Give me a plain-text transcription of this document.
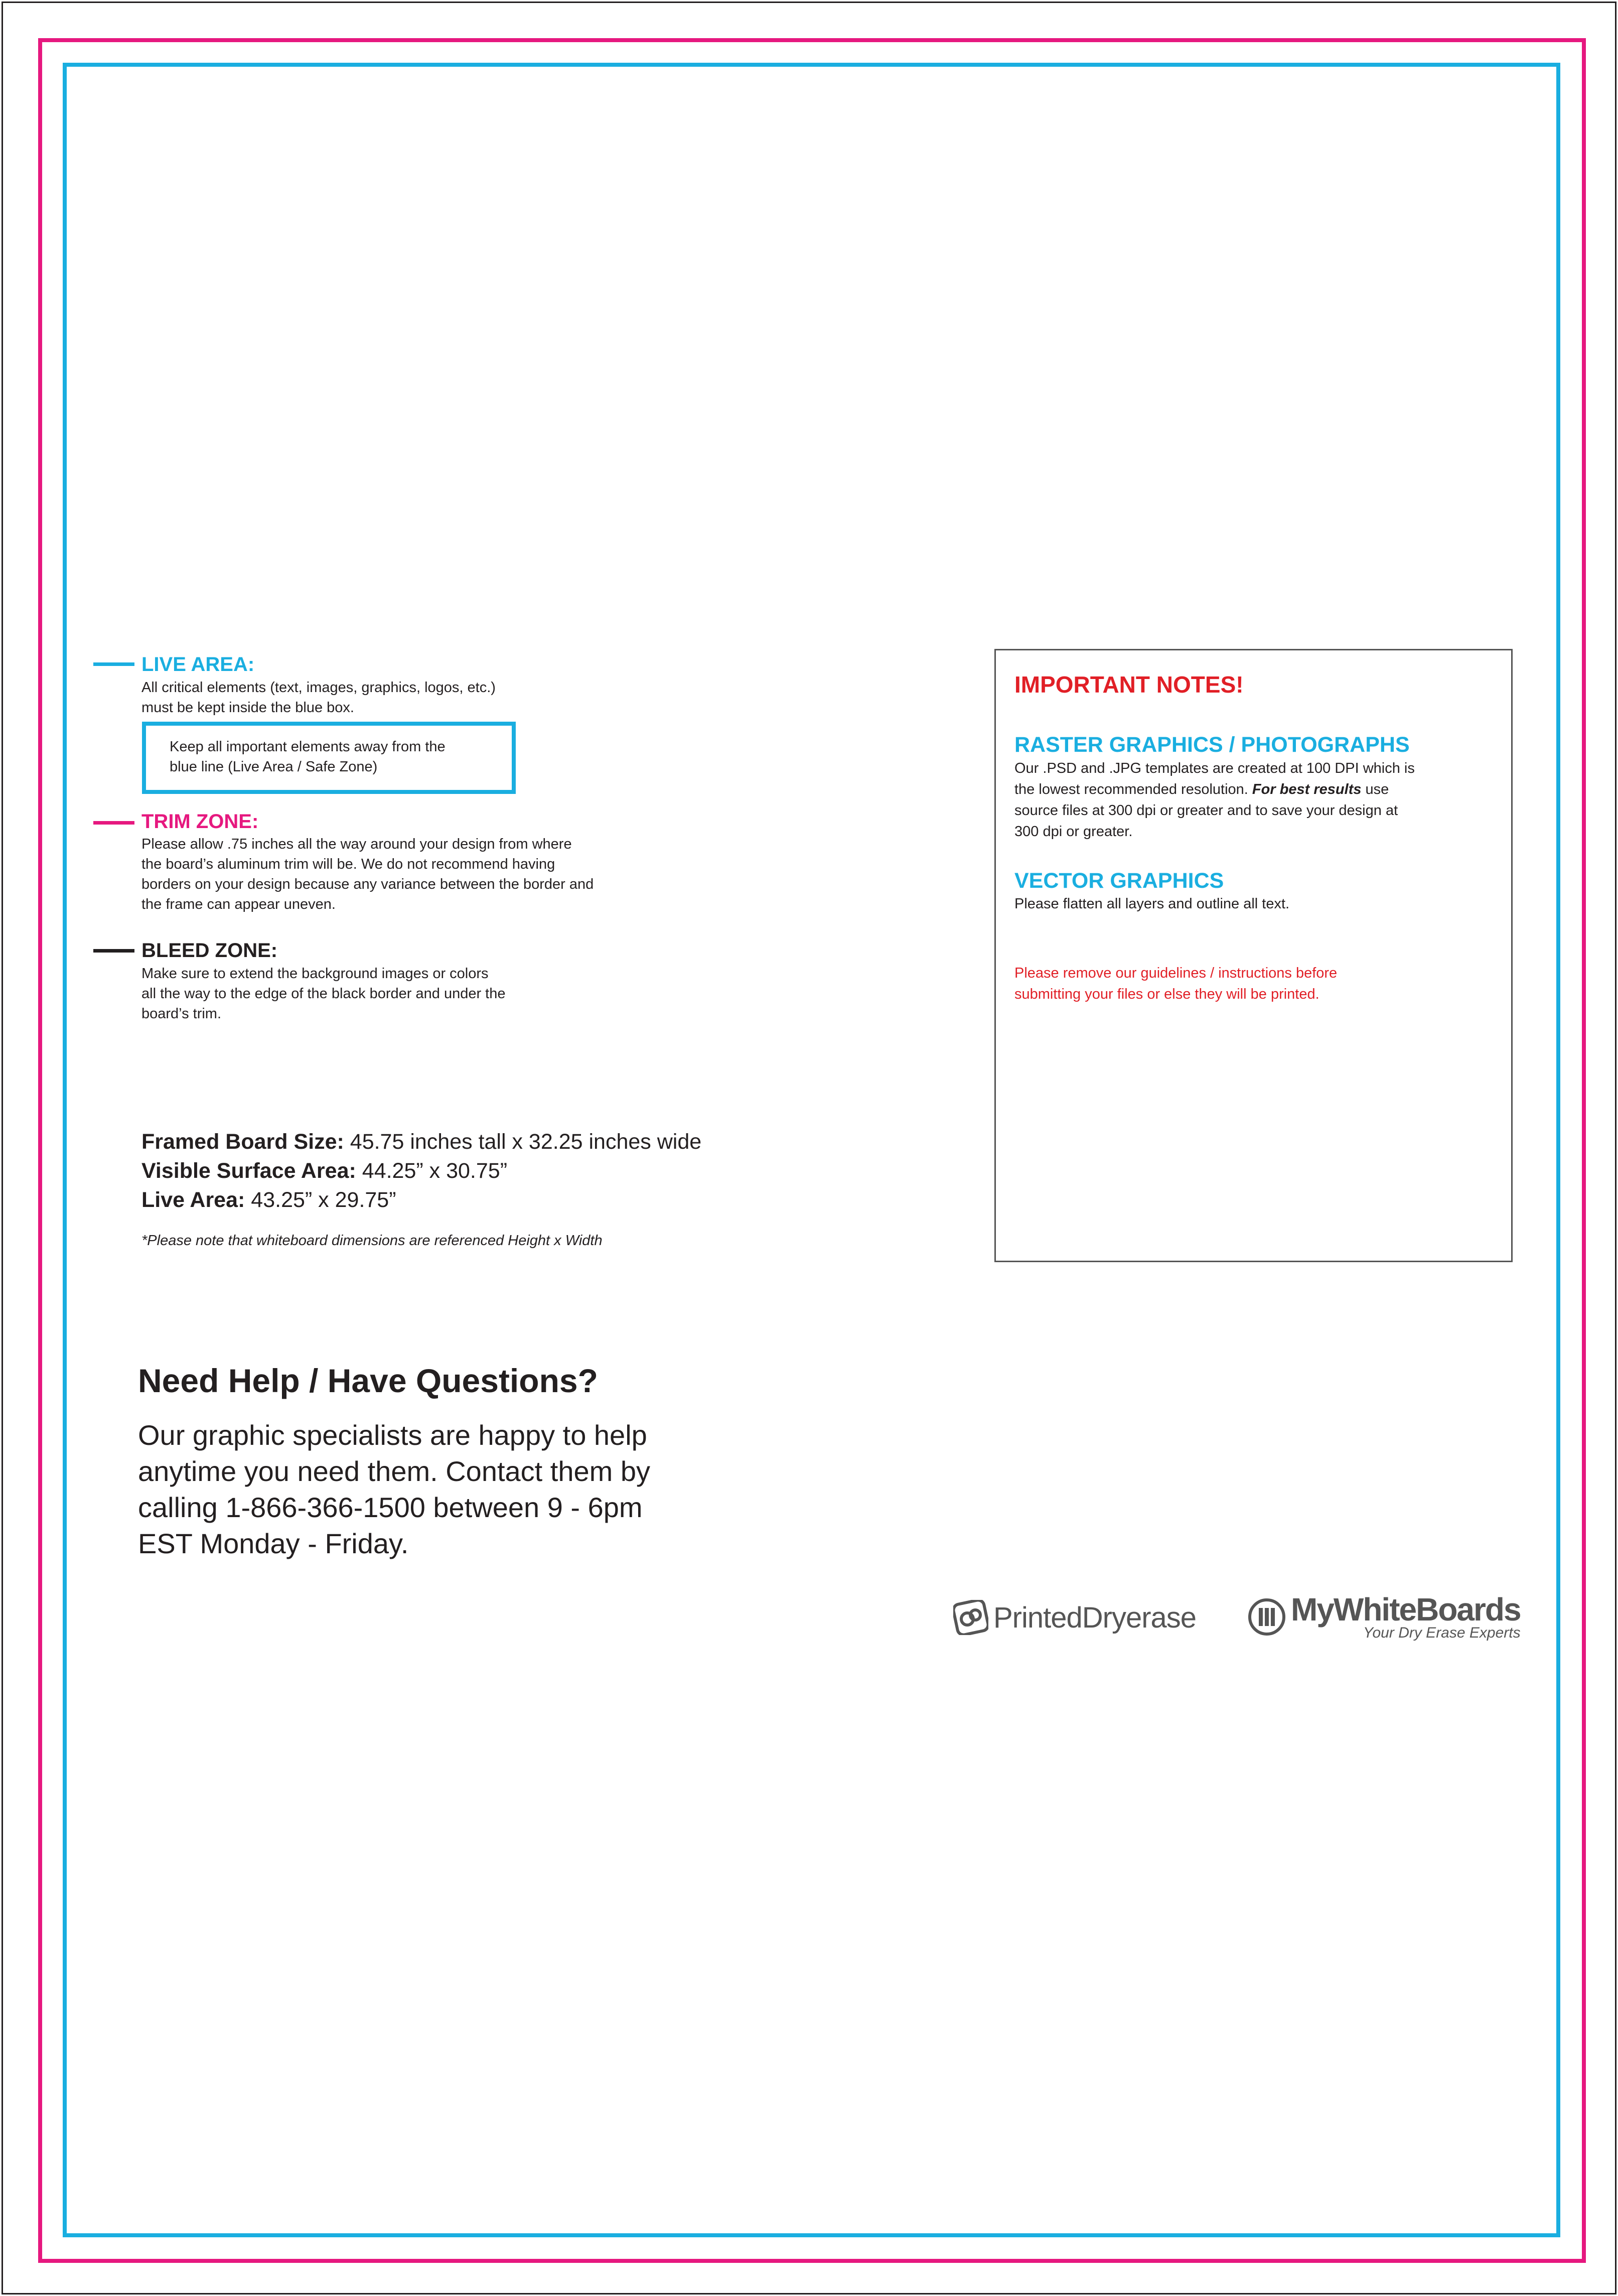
LIVE AREA:
All critical elements (text, images, graphics, logos, etc.)
must be kept inside the blue box.
Keep all important elements away from the
blue line (Live Area / Safe Zone)
TRIM ZONE:
Please allow .75 inches all the way around your design from where
the board’s aluminum trim will be. We do not recommend having
borders on your design because any variance between the border and
the frame can appear uneven.
BLEED ZONE:
Make sure to extend the background images or colors
all the way to the edge of the black border and under the
board’s trim.
Framed Board Size: 45.75 inches tall x 32.25 inches wide
Visible Surface Area: 44.25” x 30.75”
Live Area: 43.25” x 29.75”
*Please note that whiteboard dimensions are referenced Height x Width
Need Help / Have Questions?
Our graphic specialists are happy to help
anytime you need them. Contact them by
calling 1-866-366-1500 between 9 - 6pm
EST Monday - Friday.
IMPORTANT NOTES!
RASTER GRAPHICS / PHOTOGRAPHS
Our .PSD and .JPG templates are created at 100 DPI which is
the lowest recommended resolution. For best results use
source files at 300 dpi or greater and to save your design at
300 dpi or greater.
VECTOR GRAPHICS
Please flatten all layers and outline all text.
Please remove our guidelines / instructions before
submitting your files or else they will be printed.
PrintedDryerase	MyWhiteBoards
Your Dry Erase Experts
